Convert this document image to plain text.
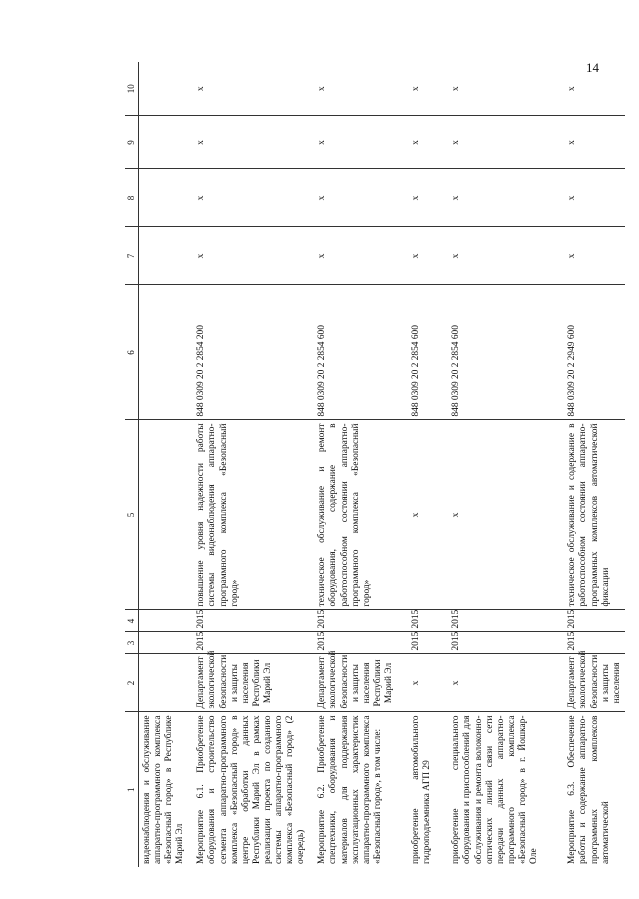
14
1	2	3	4	5	6	7	8	9	10
видеонаблюдения и обслуживание аппаратно-программного комплекса «Безопасный город» в Республике Марий Эл									
Мероприятие 6.1. Приобретение оборудования и строительство сегмента аппаратно-программного комплекса «Безопасный город» в центре обработки данных Республики Марий Эл в рамках реализации проекта по созданию системы аппаратно-программного комплекса «Безопасный город» (2 очередь)	Департамент экологической безопасности и защиты населения Республики Марий Эл	2015	2015	повышение уровня надежности работы системы видеонаблюдения аппаратно-программного комплекса «Безопасный город»	848 0309 20 2 2854 200	x	x	x	x
Мероприятие 6.2. Приобретение спецтехники, оборудования и материалов для поддержания эксплуатационных характеристик аппаратно-программного комплекса «Безопасный город», в том числе:	Департамент экологической безопасности и защиты населения Республики Марий Эл	2015	2015	техническое обслуживание и ремонт оборудования, содержание в работоспособном состоянии аппаратно-программного комплекса «Безопасный город»	848 0309 20 2 2854 600	x	x	x	x
приобретение автомобильного гидроподъемника АГП 29	x	2015	2015	x	848 0309 20 2 2854 600	x	x	x	x
приобретение специального оборудования и приспособлений для обслуживания и ремонта волоконно-оптических линий связи сети передачи данных аппаратно-программного комплекса «Безопасный город» в г. Йошкар-Оле	x	2015	2015	x	848 0309 20 2 2854 600	x	x	x	x
Мероприятие 6.3. Обеспечение работы и содержание аппаратно-программных комплексов автоматической	Департамент экологической безопасности и защиты населения	2015	2015	техническое обслуживание и содержание в работоспособном состоянии аппаратно-программных комплексов автоматической фиксации	848 0309 20 2 2949 600	x	x	x	x
